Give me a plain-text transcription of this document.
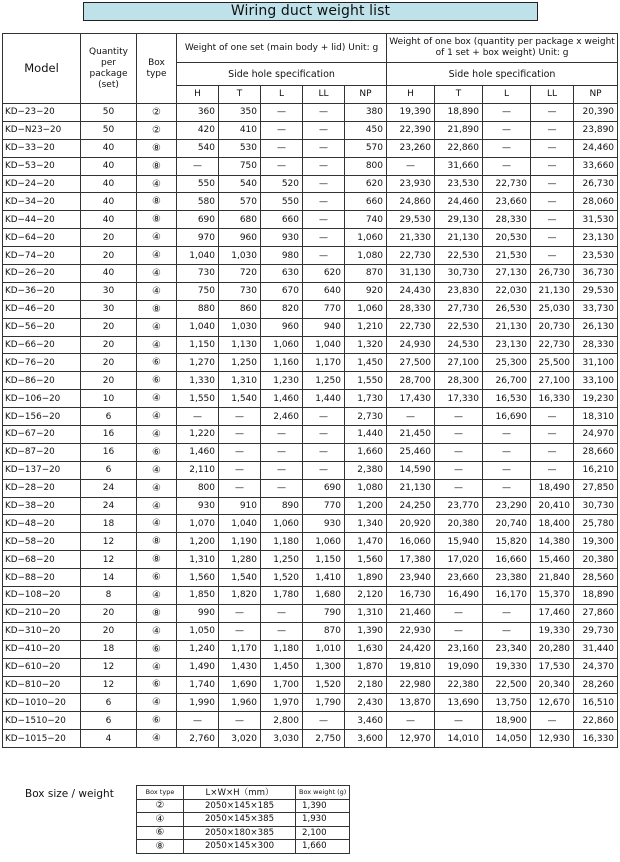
Wiring duct weight list
Model	Quantity per package (set)	Box type	Weight of one set (main body + lid) Unit: g					Weight of one box (quantity per package x weight of 1 set + box weight) Unit: g				
			Side hole specification					Side hole specification				
			H	T	L	LL	NP	H	T	L	LL	NP
KD−23−20	50	②	360	350	—	—	380	19,390	18,890	—	—	20,390
KD−N23−20	50	②	420	410	—	—	450	22,390	21,890	—	—	23,890
KD−33−20	40	⑧	540	530	—	—	570	23,260	22,860	—	—	24,460
KD−53−20	40	⑧	—	750	—	—	800	—	31,660	—	—	33,660
KD−24−20	40	④	550	540	520	—	620	23,930	23,530	22,730	—	26,730
KD−34−20	40	⑧	580	570	550	—	660	24,860	24,460	23,660	—	28,060
KD−44−20	40	⑧	690	680	660	—	740	29,530	29,130	28,330	—	31,530
KD−64−20	20	④	970	960	930	—	1,060	21,330	21,130	20,530	—	23,130
KD−74−20	20	④	1,040	1,030	980	—	1,080	22,730	22,530	21,530	—	23,530
KD−26−20	40	④	730	720	630	620	870	31,130	30,730	27,130	26,730	36,730
KD−36−20	30	④	750	730	670	640	920	24,430	23,830	22,030	21,130	29,530
KD−46−20	30	⑧	880	860	820	770	1,060	28,330	27,730	26,530	25,030	33,730
KD−56−20	20	④	1,040	1,030	960	940	1,210	22,730	22,530	21,130	20,730	26,130
KD−66−20	20	④	1,150	1,130	1,060	1,040	1,320	24,930	24,530	23,130	22,730	28,330
KD−76−20	20	⑥	1,270	1,250	1,160	1,170	1,450	27,500	27,100	25,300	25,500	31,100
KD−86−20	20	⑥	1,330	1,310	1,230	1,250	1,550	28,700	28,300	26,700	27,100	33,100
KD−106−20	10	④	1,550	1,540	1,460	1,440	1,730	17,430	17,330	16,530	16,330	19,230
KD−156−20	6	④	—	—	2,460	—	2,730	—	—	16,690	—	18,310
KD−67−20	16	④	1,220	—	—	—	1,440	21,450	—	—	—	24,970
KD−87−20	16	⑥	1,460	—	—	—	1,660	25,460	—	—	—	28,660
KD−137−20	6	④	2,110	—	—	—	2,380	14,590	—	—	—	16,210
KD−28−20	24	④	800	—	—	690	1,080	21,130	—	—	18,490	27,850
KD−38−20	24	④	930	910	890	770	1,200	24,250	23,770	23,290	20,410	30,730
KD−48−20	18	④	1,070	1,040	1,060	930	1,340	20,920	20,380	20,740	18,400	25,780
KD−58−20	12	⑧	1,200	1,190	1,180	1,060	1,470	16,060	15,940	15,820	14,380	19,300
KD−68−20	12	⑧	1,310	1,280	1,250	1,150	1,560	17,380	17,020	16,660	15,460	20,380
KD−88−20	14	⑥	1,560	1,540	1,520	1,410	1,890	23,940	23,660	23,380	21,840	28,560
KD−108−20	8	④	1,850	1,820	1,780	1,680	2,120	16,730	16,490	16,170	15,370	18,890
KD−210−20	20	⑧	990	—	—	790	1,310	21,460	—	—	17,460	27,860
KD−310−20	20	④	1,050	—	—	870	1,390	22,930	—	—	19,330	29,730
KD−410−20	18	⑥	1,240	1,170	1,180	1,010	1,630	24,420	23,160	23,340	20,280	31,440
KD−610−20	12	④	1,490	1,430	1,450	1,300	1,870	19,810	19,090	19,330	17,530	24,370
KD−810−20	12	⑥	1,740	1,690	1,700	1,520	2,180	22,980	22,380	22,500	20,340	28,260
KD−1010−20	6	④	1,990	1,960	1,970	1,790	2,430	13,870	13,690	13,750	12,670	16,510
KD−1510−20	6	⑥	—	—	2,800	—	3,460	—	—	18,900	—	22,860
KD−1015−20	4	④	2,760	3,020	3,030	2,750	3,600	12,970	14,010	14,050	12,930	16,330
Box size / weight	Box type	L×W×H（mm）	Box weight (g)
②	2050×145×185	1,390
④	2050×145×385	1,930
⑥	2050×180×385	2,100
⑧	2050×145×300	1,660
